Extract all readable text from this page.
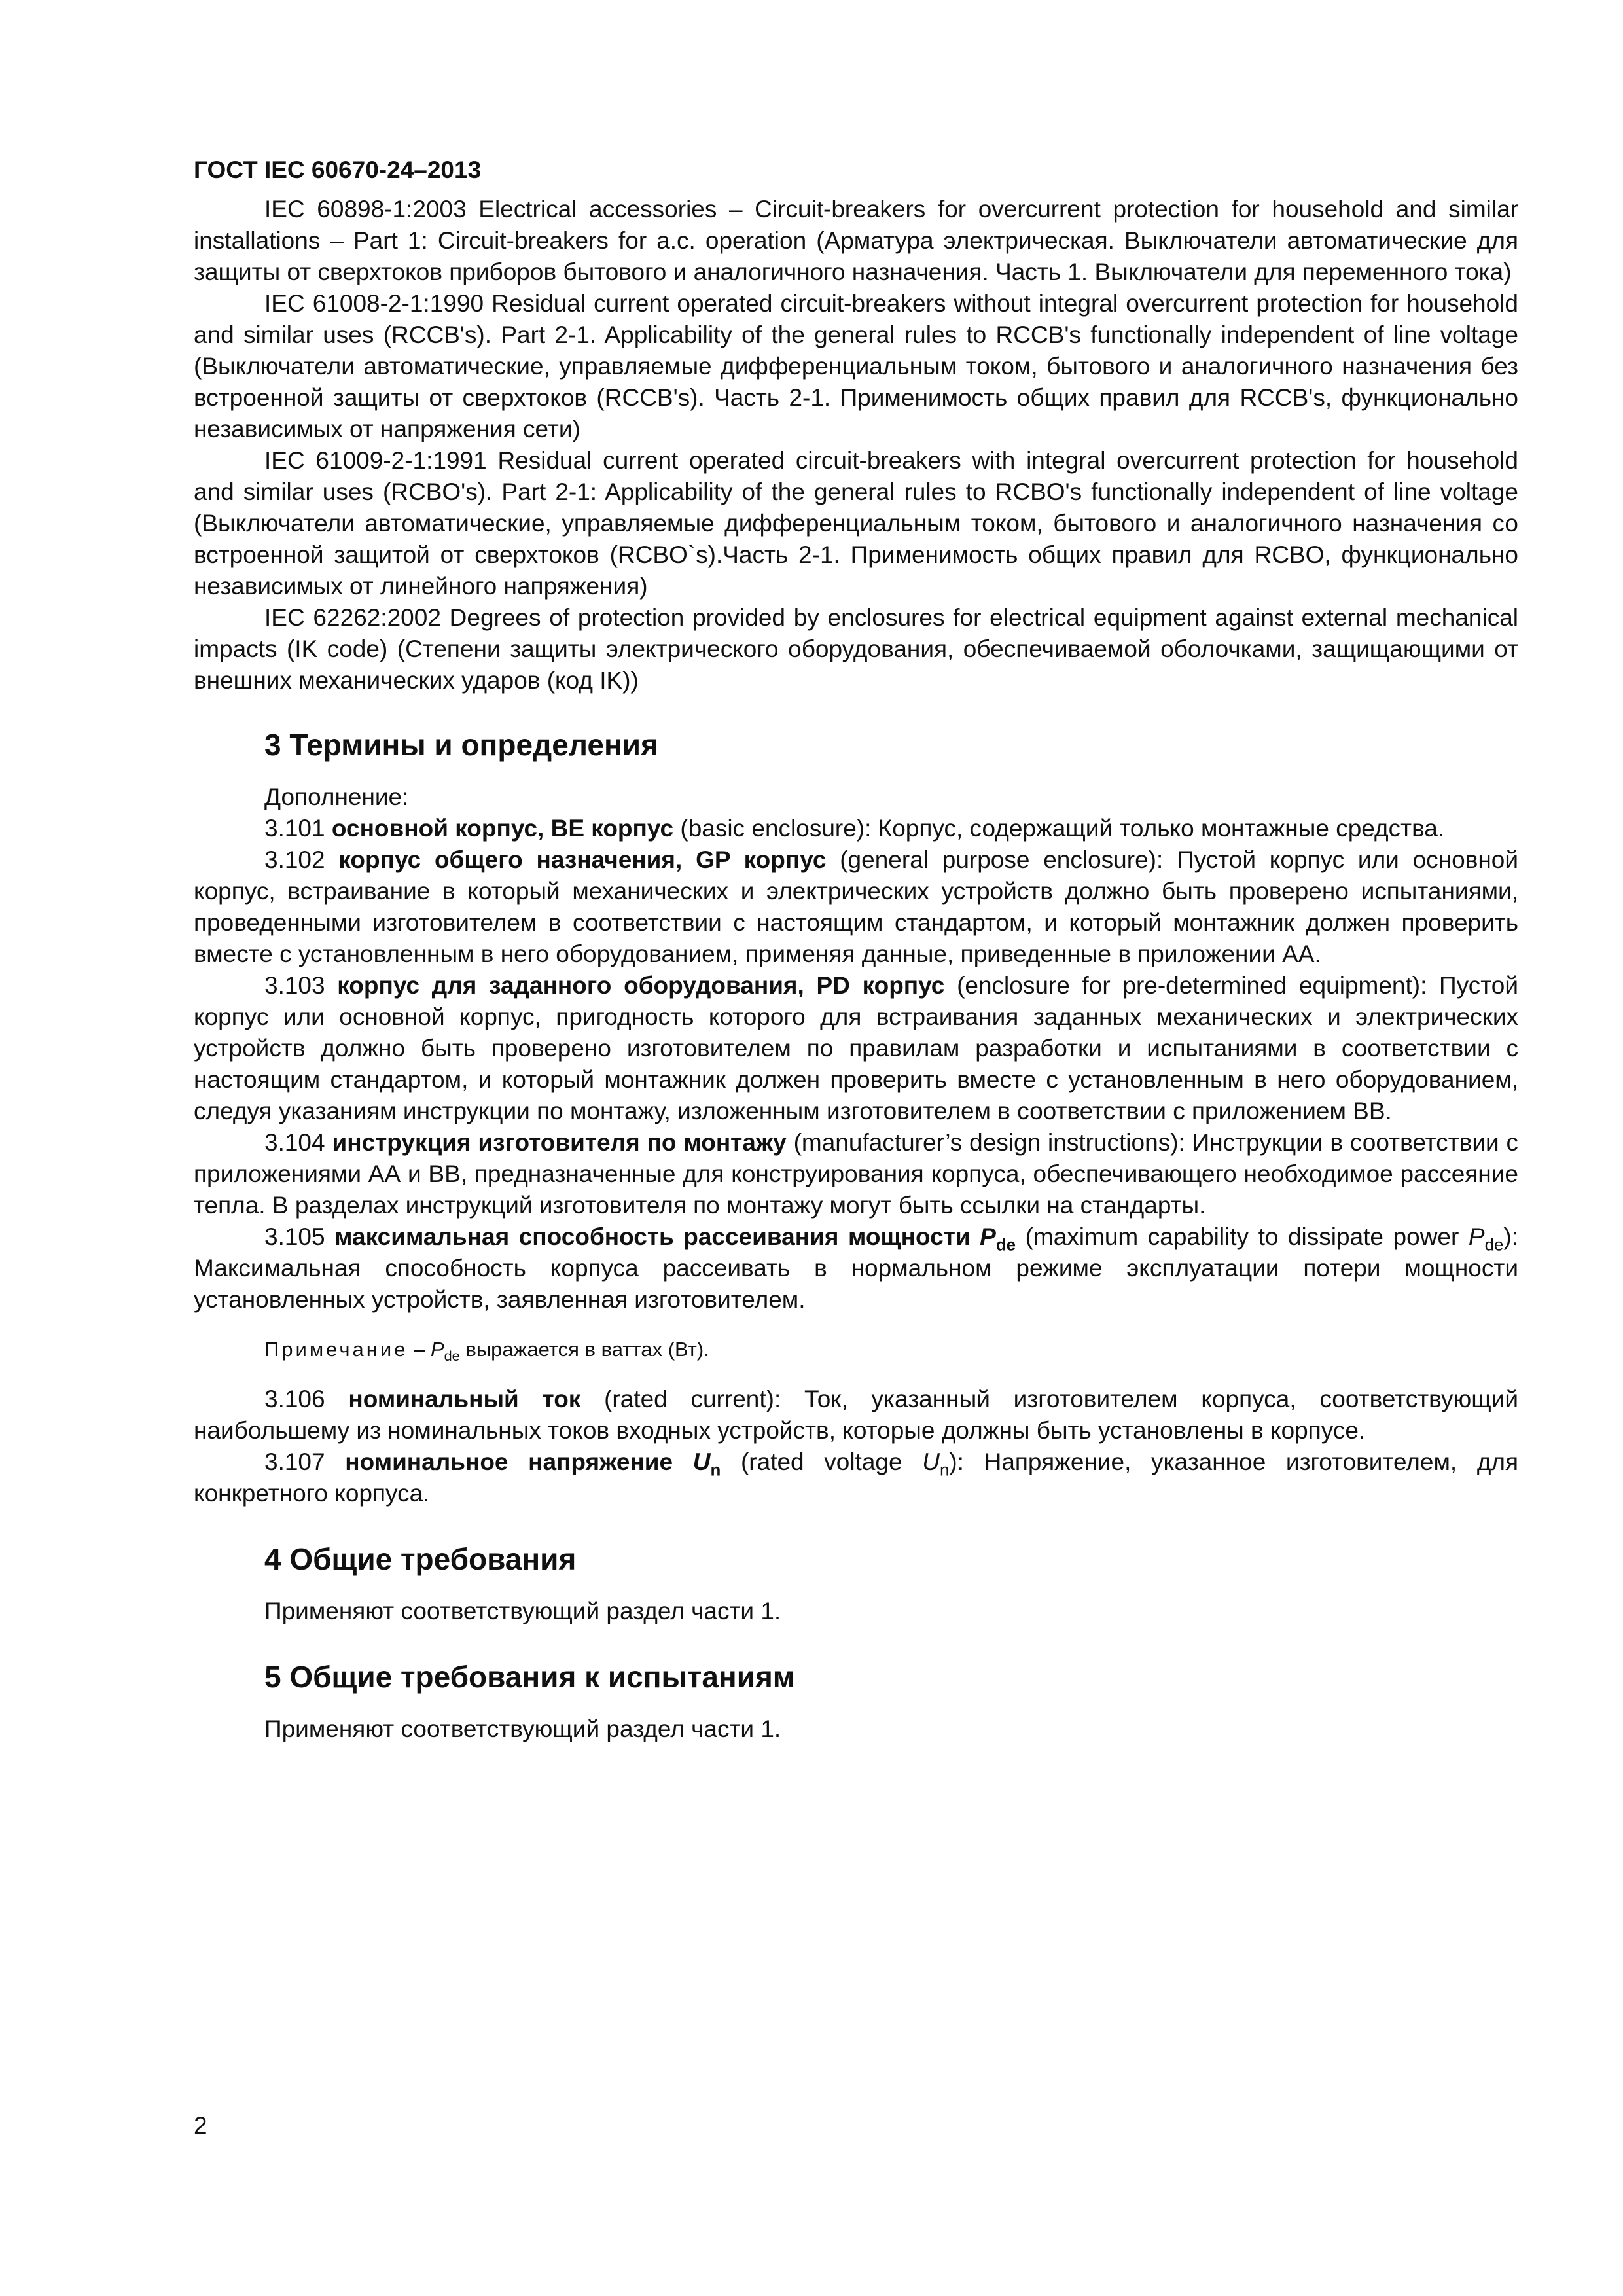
ГОСТ IEC 60670-24–2013

IEC 60898-1:2003 Electrical accessories – Circuit-breakers for overcurrent protection for household and similar installations – Part 1: Circuit-breakers for a.c. operation (Арматура электрическая. Выключатели автоматические для защиты от сверхтоков приборов бытового и аналогичного назначения. Часть 1. Выключатели для переменного тока)

IEC 61008-2-1:1990 Residual current operated circuit-breakers without integral overcurrent protection for household and similar uses (RCCB's). Part 2-1. Applicability of the general rules to RCCB's functionally independent of line voltage (Выключатели автоматические, управляемые дифференциальным током, бытового и аналогичного назначения без встроенной защиты от сверхтоков (RCCB's). Часть 2-1. Применимость общих правил для RCCB's, функционально независимых от напряжения сети)

IEC 61009-2-1:1991 Residual current operated circuit-breakers with integral overcurrent protection for household and similar uses (RCBO's). Part 2-1: Applicability of the general rules to RCBO's functionally independent of line voltage (Выключатели автоматические, управляемые дифференциальным током, бытового и аналогичного назначения со встроенной защитой от сверхтоков (RCBO`s).Часть 2-1. Применимость общих правил для RCBO, функционально независимых от линейного напряжения)

IEC 62262:2002 Degrees of protection provided by enclosures for electrical equipment against external mechanical impacts (IK code) (Степени защиты электрического оборудования, обеспечиваемой оболочками, защищающими от внешних механических ударов (код IK))

3 Термины и определения

Дополнение:

3.101 основной корпус, BE корпус (basic enclosure): Корпус, содержащий только монтажные средства.

3.102 корпус общего назначения, GP корпус (general purpose enclosure): Пустой корпус или основной корпус, встраивание в который механических и электрических устройств должно быть проверено испытаниями, проведенными изготовителем в соответствии с настоящим стандартом, и который монтажник должен проверить вместе с установленным в него оборудованием, применяя данные, приведенные в приложении АА.

3.103 корпус для заданного оборудования, PD корпус (enclosure for pre-determined equipment): Пустой корпус или основной корпус, пригодность которого для встраивания заданных механических и электрических устройств должно быть проверено изготовителем по правилам разработки и испытаниями в соответствии с настоящим стандартом, и который монтажник должен проверить вместе с установленным в него оборудованием, следуя указаниям инструкции по монтажу, изложенным изготовителем в соответствии с приложением ВВ.

3.104 инструкция изготовителя по монтажу (manufacturer’s design instructions): Инструкции в соответствии с приложениями АА и ВВ, предназначенные для конструирования корпуса, обеспечивающего необходимое рассеяние тепла. В разделах инструкций изготовителя по монтажу могут быть ссылки на стандарты.

3.105 максимальная способность рассеивания мощности $P_{de}$ (maximum capability to dissipate power $P_{de}$): Максимальная способность корпуса рассеивать в нормальном режиме эксплуатации потери мощности установленных устройств, заявленная изготовителем.

Примечание – $P_{de}$ выражается в ваттах (Вт).

3.106 номинальный ток (rated current): Ток, указанный изготовителем корпуса, соответствующий наибольшему из номинальных токов входных устройств, которые должны быть установлены в корпусе.

3.107 номинальное напряжение $U_n$ (rated voltage $U_n$): Напряжение, указанное изготовителем, для конкретного корпуса.

4 Общие требования

Применяют соответствующий раздел части 1.

5 Общие требования к испытаниям

Применяют соответствующий раздел части 1.

2
